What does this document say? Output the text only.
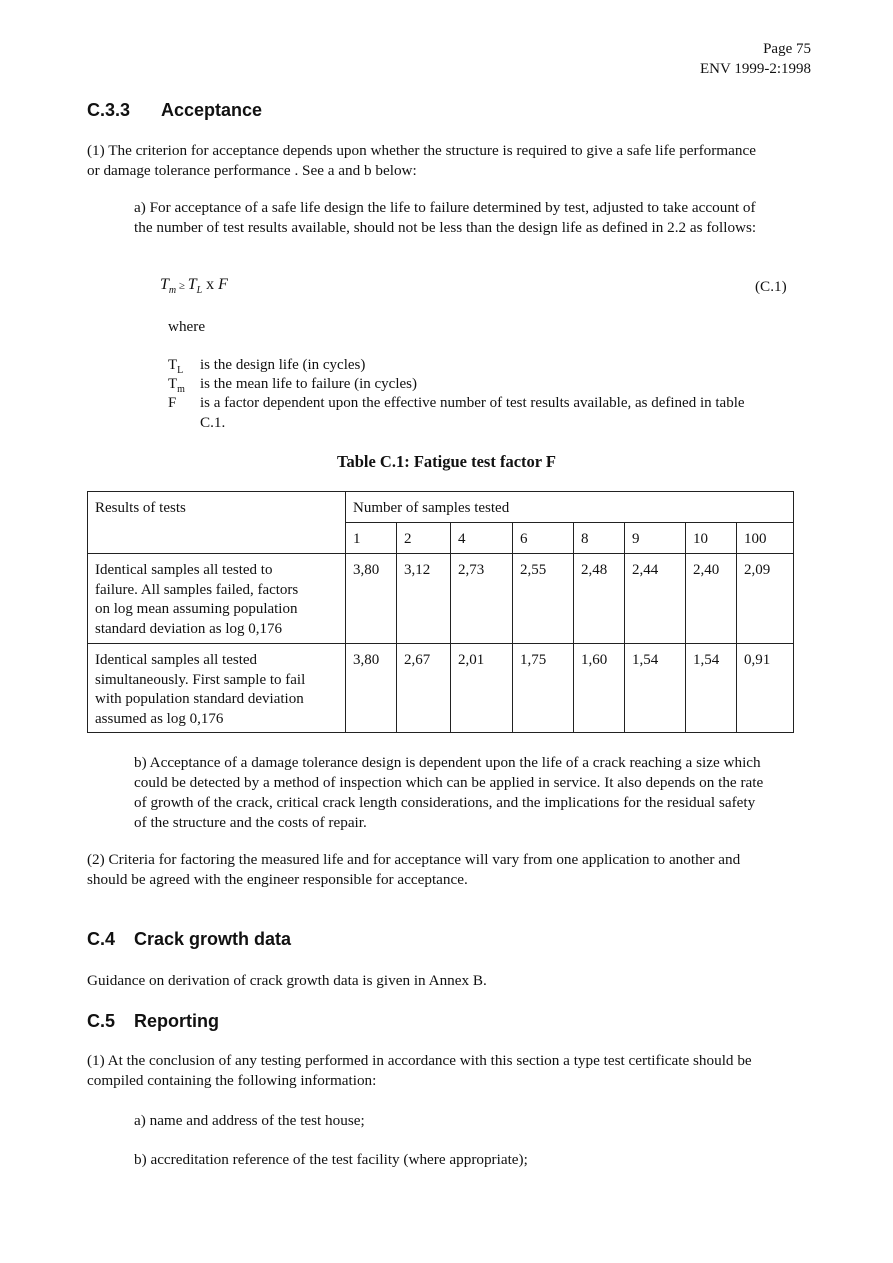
Page 75
ENV 1999-2:1998
C.3.3 Acceptance
(1) The criterion for acceptance depends upon whether the structure is required to give a safe life performance
or damage tolerance performance . See a and b below:
a) For acceptance of a safe life design the life to failure determined by test, adjusted to take account of
the number of test results available, should not be less than the design life as defined in 2.2 as follows:
$T_m \ge T_L$ x F	(C.1)
where
$T_L$ is the design life (in cycles)
$T_m$ is the mean life to failure (in cycles)
F is a factor dependent upon the effective number of test results available, as defined in table
C.1.
Table C.1: Fatigue test factor F
Results of tests	Number of samples tested							
	1	2	4	6	8	9	10	100

Identical samples all tested to
failure. All samples failed, factors
on log mean assuming population
standard deviation as log 0,176	3,80	3,12	2,73	2,55	2,48	2,44	2,40	2,09

Identical samples all tested
simultaneously. First sample to fail
with population standard deviation
assumed as log 0,176	3,80	2,67	2,01	1,75	1,60	1,54	1,54	0,91
b) Acceptance of a damage tolerance design is dependent upon the life of a crack reaching a size which
could be detected by a method of inspection which can be applied in service. It also depends on the rate
of growth of the crack, critical crack length considerations, and the implications for the residual safety
of the structure and the costs of repair.
(2) Criteria for factoring the measured life and for acceptance will vary from one application to another and
should be agreed with the engineer responsible for acceptance.
C.4 Crack growth data
Guidance on derivation of crack growth data is given in Annex B.
C.5 Reporting
(1) At the conclusion of any testing performed in accordance with this section a type test certificate should be
compiled containing the following information:
a) name and address of the test house;
b) accreditation reference of the test facility (where appropriate);
